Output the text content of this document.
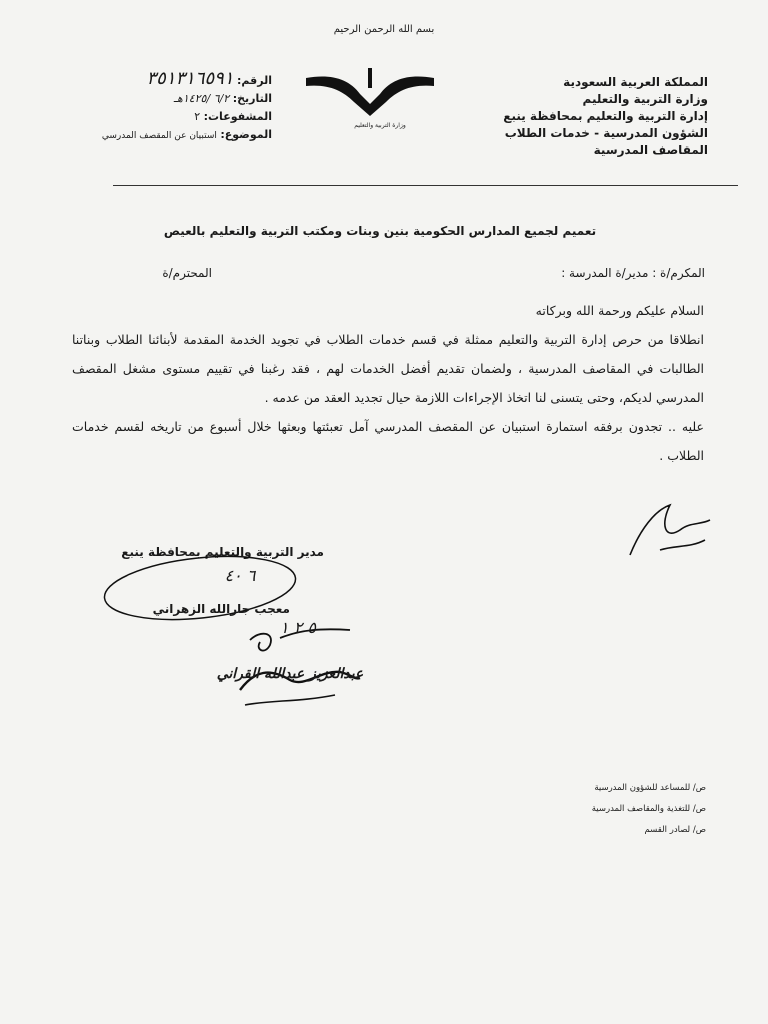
بسم الله الرحمن الرحيم
المملكة العربية السعودية
وزارة التربية والتعليم
إدارة التربية والتعليم بمحافظة ينبع
الشؤون المدرسية - خدمات الطلاب
المقاصف المدرسية
وزارة التربية والتعليم
الرقم: ٣٥١٣١٦٥٩١
التاريخ: ٦/٢ /١٤٢٥هـ
المشفوعات: ٢
الموضوع: استبيان عن المقصف المدرسي
تعميم لجميع المدارس الحكومية بنين وبنات ومكتب التربية والتعليم بالعيص
المكرم/ة : مدير/ة المدرسة :
المحترم/ة

السلام عليكم ورحمة الله وبركاته

انطلاقا من حرص إدارة التربية والتعليم ممثلة في قسم خدمات الطلاب في تجويد الخدمة المقدمة لأبنائنا الطلاب وبناتنا الطالبات في المقاصف المدرسية ، ولضمان تقديم أفضل الخدمات لهم ، فقد رغبنا في تقييم مستوى مشغل المقصف المدرسي لديكم، وحتى يتسنى لنا اتخاذ الإجراءات اللازمة حيال تجديد العقد من عدمه .

عليه .. تجدون برفقه استمارة استبيان عن المقصف المدرسي آمل تعبئتها وبعثها خلال أسبوع من تاريخه لقسم خدمات الطلاب .

مدير التربية والتعليم بمحافظة ينبع
٦ ٤٠
معجب جارالله الزهراني
٥ ٢ ١
عبدالعزيز عبدالله القراني
ص/ للمساعد للشؤون المدرسية
ص/ للتغذية والمقاصف المدرسية
ص/ لصادر القسم
